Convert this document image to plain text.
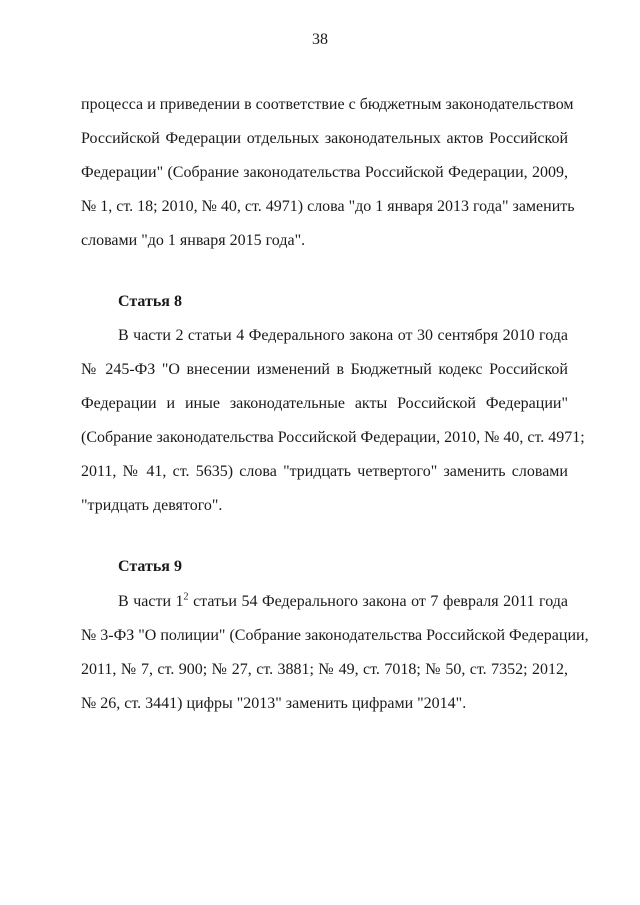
38
процесса и приведении в соответствие с бюджетным законодательством
Российской Федерации отдельных законодательных актов Российской
Федерации" (Собрание законодательства Российской Федерации, 2009,
№ 1, ст. 18; 2010, № 40, ст. 4971) слова "до 1 января 2013 года" заменить
словами "до 1 января 2015 года".
Статья 8
В части 2 статьи 4 Федерального закона от 30 сентября 2010 года
№ 245-ФЗ "О внесении изменений в Бюджетный кодекс Российской
Федерации и иные законодательные акты Российской Федерации"
(Собрание законодательства Российской Федерации, 2010, № 40, ст. 4971;
2011, № 41, ст. 5635) слова "тридцать четвертого" заменить словами
"тридцать девятого".
Статья 9
В части $1^2$ статьи 54 Федерального закона от 7 февраля 2011 года
№ 3-ФЗ "О полиции" (Собрание законодательства Российской Федерации,
2011, № 7, ст. 900; № 27, ст. 3881; № 49, ст. 7018; № 50, ст. 7352; 2012,
№ 26, ст. 3441) цифры "2013" заменить цифрами "2014".
